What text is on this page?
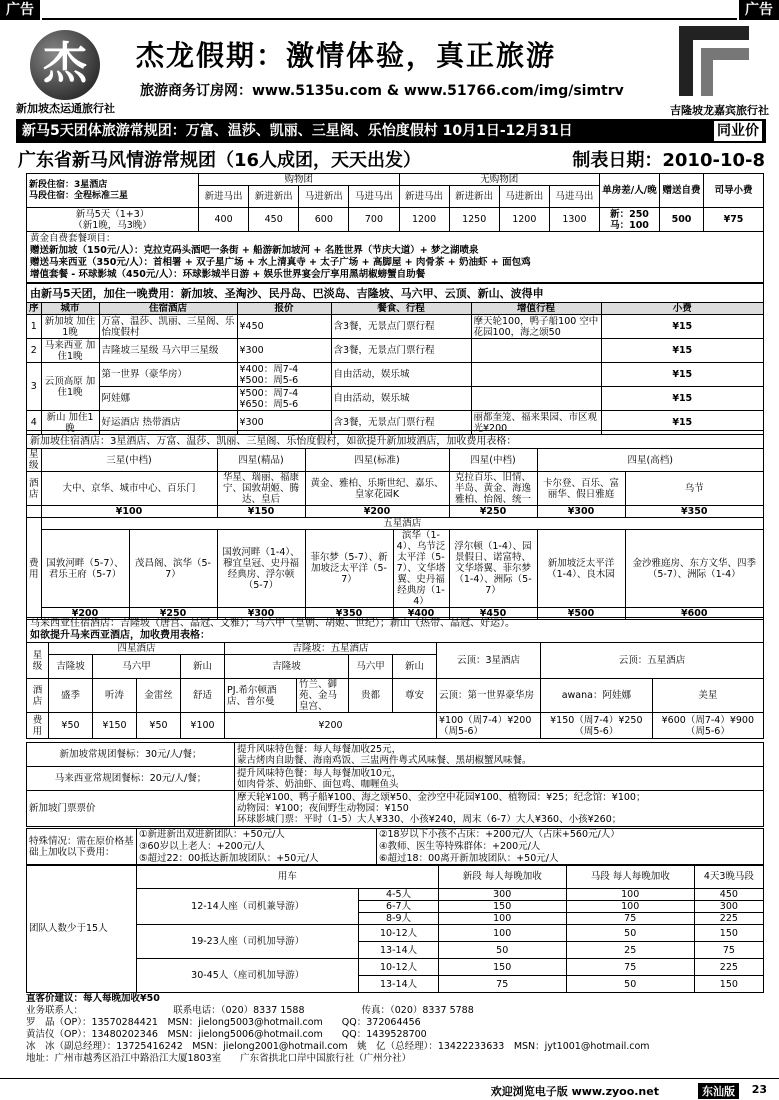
广告	广告
杰
新加坡杰运通旅行社
杰龙假期：激情体验，真正旅游
旅游商务订房网：www.5135u.com & www.51766.com/img/simtrv
吉隆坡龙嘉宾旅行社
新马5天团体旅游常规团：万富、温莎、凯丽、三星阁、乐怡度假村 10月1日-12月31日	同业价
广东省新马风情游常规团（16人成团，天天出发）	制表日期：2010-10-8
新段住宿：3星酒店
马段住宿：全程标准三星	购物团				无购物团				单房差/人/晚	赠送自费	司导小费
	新进马出	新进新出	马进新出	马进马出	新进马出	新进新出	马进新出	马进马出			

新马5天（1+3）
（新1晚，马3晚）	400	450	600	700	1200	1250	1200	1300	新：250 马：100	500	¥75
黄金自费套餐项目：
赠送新加坡（150元/人）：克拉克码头酒吧一条街 + 船游新加坡河 + 名胜世界（节庆大道）+ 梦之湖喷泉
赠送马来西亚（350元/人）：首相署 + 双子星广场 + 水上清真寺 + 太子广场 + 高脚屋 + 肉骨茶 + 奶油虾 + 面包鸡
增值套餐 - 环球影城（450元/人）：环球影城半日游 + 娱乐世界宴会厅享用黑胡椒螃蟹自助餐
由新马5天团，加住一晚费用：新加坡、圣淘沙、民丹岛、巴淡岛、吉隆坡、马六甲、云顶、新山、波得申
序	城市	住宿酒店	报价	餐食、行程	增值行程	小费
1	新加坡 加住1晚	万富、温莎、凯丽、三星阁、乐怡度假村	¥450	含3餐，无景点门票行程	摩天轮100，鸭子船100 空中花园100，海之颂50	¥15
2	马来西亚 加住1晚	吉隆坡三星级 马六甲三星级	¥300	含3餐，无景点门票行程		¥15
3	云顶高原 加住1晚	第一世界（豪华房）	¥400：周7-4 ¥500：周5-6	自由活动，娱乐城		¥15
		阿娃娜	¥500：周7-4 ¥650：周5-6	自由活动，娱乐城		¥15
4	新山 加住1晚	好运酒店 热带酒店	¥300	含3餐，无景点门票行程	丽都奎笼、福来果园、市区观光¥200	¥15
新加坡住宿酒店：3星酒店、万富、温莎、凯丽、三星阁、乐怡度假村，如欲提升新加坡酒店，加收费用表格：
星级	三星(中档)		四星(精品)	四星(标准)		四星(中档)	四星(高档)	
酒店	大中、京华、城市中心、百乐门		华星、瑞丽、福康宁、国敦胡姬、腾达、皇后	黄金、雅柏、乐斯世纪、嘉乐、皇家花园K		克拉百乐、旧情、半岛、黄金、海逸雅柏、怡阁、统一	卡尔登、百乐、富丽华、假日雅庭	乌节
	¥100		¥150	¥200		¥250	¥300	¥350
费用	五星酒店							
	国敦河畔（5-7）、君乐王府（5-7）	茂昌阁、滨华（5-7）	国敦河畔（1-4）、穆宜皇冠、史丹福经典房、浮尔顿（5-7）	菲尔梦（5-7）、新加坡泛太平洋（5-7）	滨华（1-4）、乌节泛太平洋（5-7）、文华塔翼、史丹福经典房（1-4）	浮尔顿（1-4）、园景假日、诺富特、文华塔翼、菲尔梦（1-4）、洲际（5-7）	新加坡泛太平洋（1-4）、良木园	金沙雅庭房、东方文华、四季（5-7）、洲际（1-4）
	¥200	¥250	¥300	¥350	¥400	¥450	¥500	¥600
马来西亚住宿酒店：吉隆坡（唐宫、晶冠、文雅）；马六甲（皇朝、胡姬、世纪）；新山（热带、晶冠、好运）。
如欲提升马来西亚酒店，加收费用表格：
星级	四星酒店				吉隆坡：五星酒店				云顶：3星酒店	云顶：五星酒店	
	吉隆坡	马六甲		新山	吉隆坡		马六甲	新山			
酒店	盛季	听涛	金雷丝	舒适	PJ.希尔顿酒店、普尔曼	竹兰、御苑、金马皇宫、	贵都	尊安	云顶：第一世界豪华房	awana：阿娃娜	美星
费用	¥50	¥150	¥50	¥100	¥200				¥100（周7-4）¥200（周5-6）	¥150（周7-4）¥250（周5-6）	¥600（周7-4）¥900（周5-6）
新加坡常规团餐标：30元/人/餐；	提升风味特色餐：每人每餐加收25元，
蒙古烤肉自助餐、海南鸡饭、三盅两件粤式风味餐、黑胡椒蟹风味餐。

马来西亚常规团餐标：20元/人/餐；	提升风味特色餐：每人每餐加收10元，
如肉骨茶、奶油虾、面包鸡、咖喱鱼头

新加坡门票票价	摩天轮¥100、鸭子船¥100、海之颂¥50、金沙空中花园¥100、植物园：¥25；纪念馆：¥100；
动物园：¥100；夜间野生动物园：¥150
环球影城门票：平时（1-5）大人¥330、小孩¥240，周末（6-7）大人¥360、小孩¥260；
特殊情况：需在原价格基础上加收以下费用：	
①新进新出双进新团队：+50元/人
③60岁以上老人：+200元/人
⑤超过22：00抵达新加坡团队：+50元/人

②18岁以下小孩不占床：+200元/人（占床+560元/人）
④教师、医生等特殊群体：+200元/人
⑥超过18：00离开新加坡团队：+50元/人
团队人数少于15人	用车		新段 每人每晚加收	马段 每人每晚加收	4天3晚马段
	12-14人座（司机兼导游）	4-5人	300	100	450
		6-7人	150	100	300
		8-9人	100	75	225
	19-23人座（司机加导游）	10-12人	100	50	150
		13-14人	50	25	75
	30-45人（座司机加导游）	10-12人	150	75	225
		13-14人	75	50	150
直客价建议：每人每晚加收¥50
业务联系人：　　　　　　　　　　联系电话：（020）8337 1588　　　　　　传真：（020）8337 5788
罗　晶（OP）：13570284421　MSN：jielong5003@hotmail.com　　QQ：372064456
黄洁仪（OP）：13480202346　MSN：jielong5006@hotmail.com　　QQ：1439528700
冰　冰（副总经理）：13725416242　MSN：jielong2001@hotmail.com　姚　亿（总经理）：13422233633　MSN：jyt1001@hotmail.com
地址：广州市越秀区沿江中路沿江大厦1803室　　广东省拱北口岸中国旅行社（广州分社）
欢迎浏览电子版 www.zyoo.net	东汕版	23
